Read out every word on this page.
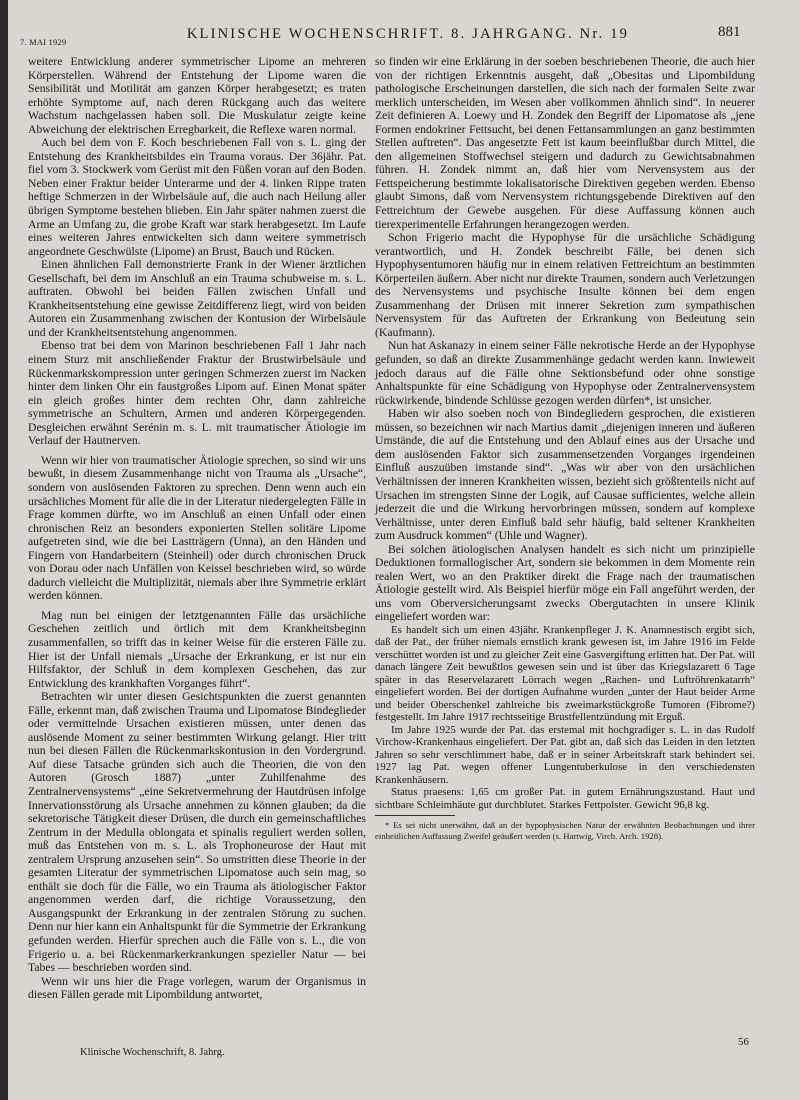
7. MAI 1929	KLINISCHE WOCHENSCHRIFT. 8. JAHRGANG. Nr. 19	881

weitere Entwicklung anderer symmetrischer Lipome an mehreren Körperstellen. Während der Entstehung der Lipome waren die Sensibilität und Motilität am ganzen Körper herabgesetzt; es traten erhöhte Symptome auf, nach deren Rückgang auch das weitere Wachstum nachgelassen haben soll. Die Muskulatur zeigte keine Abweichung der elektrischen Erregbarkeit, die Reflexe waren normal.

Auch bei dem von F. Koch beschriebenen Fall von s. L. ging der Entstehung des Krankheitsbildes ein Trauma voraus. Der 36jähr. Pat. fiel vom 3. Stockwerk vom Gerüst mit den Füßen voran auf den Boden. Neben einer Fraktur beider Unterarme und der 4. linken Rippe traten heftige Schmerzen in der Wirbelsäule auf, die auch nach Heilung aller übrigen Symptome bestehen blieben. Ein Jahr später nahmen zuerst die Arme an Umfang zu, die grobe Kraft war stark herabgesetzt. Im Laufe eines weiteren Jahres entwickelten sich dann weitere symmetrisch angeordnete Geschwülste (Lipome) an Brust, Bauch und Rücken.

Einen ähnlichen Fall demonstrierte Frank in der Wiener ärztlichen Gesellschaft, bei dem im Anschluß an ein Trauma schubweise m. s. L. auftraten. Obwohl bei beiden Fällen zwischen Unfall und Krankheitsentstehung eine gewisse Zeitdifferenz liegt, wird von beiden Autoren ein Zusammenhang zwischen der Kontusion der Wirbelsäule und der Krankheitsentstehung angenommen.

Ebenso trat bei dem von Marinon beschriebenen Fall 1 Jahr nach einem Sturz mit anschließender Fraktur der Brustwirbelsäule und Rückenmarkskompression unter geringen Schmerzen zuerst im Nacken hinter dem linken Ohr ein faustgroßes Lipom auf. Einen Monat später ein gleich großes hinter dem rechten Ohr, dann zahlreiche symmetrische an Schultern, Armen und anderen Körpergegenden. Desgleichen erwähnt Serénin m. s. L. mit traumatischer Ätiologie im Verlauf der Hautnerven.

Wenn wir hier von traumatischer Ätiologie sprechen, so sind wir uns bewußt, in diesem Zusammenhange nicht von Trauma als „Ursache“, sondern von auslösenden Faktoren zu sprechen. Denn wenn auch ein ursächliches Moment für alle die in der Literatur niedergelegten Fälle in Frage kommen dürfte, wo im Anschluß an einen Unfall oder einen chronischen Reiz an besonders exponierten Stellen solitäre Lipome aufgetreten sind, wie die bei Lastträgern (Unna), an den Händen und Fingern von Handarbeitern (Steinheil) oder durch chronischen Druck von Dorau oder nach Unfällen von Keissel beschrieben wird, so würde dadurch vielleicht die Multiplizität, niemals aber ihre Symmetrie erklärt werden können.

Mag nun bei einigen der letztgenannten Fälle das ursächliche Geschehen zeitlich und örtlich mit dem Krankheitsbeginn zusammenfallen, so trifft das in keiner Weise für die ersteren Fälle zu. Hier ist der Unfall niemals „Ursache der Erkrankung, er ist nur ein Hilfsfaktor, der Schluß in dem komplexen Geschehen, das zur Entwicklung des krankhaften Vorganges führt“.

Betrachten wir unter diesen Gesichtspunkten die zuerst genannten Fälle, erkennt man, daß zwischen Trauma und Lipomatose Bindeglieder oder vermittelnde Ursachen existieren müssen, unter denen das auslösende Moment zu seiner bestimmten Wirkung gelangt. Hier tritt nun bei diesen Fällen die Rückenmarkskontusion in den Vordergrund. Auf diese Tatsache gründen sich auch die Theorien, die von den Autoren (Grosch 1887) „unter Zuhilfenahme des Zentralnervensystems“ „eine Sekretvermehrung der Hautdrüsen infolge Innervationsstörung als Ursache annehmen zu können glauben; da die sekretorische Tätigkeit dieser Drüsen, die durch ein gemeinschaftliches Zentrum in der Medulla oblongata et spinalis reguliert werden sollen, muß das Entstehen von m. s. L. als Trophoneurose der Haut mit zentralem Ursprung anzusehen sein“. So umstritten diese Theorie in der gesamten Literatur der symmetrischen Lipomatose auch sein mag, so enthält sie doch für die Fälle, wo ein Trauma als ätiologischer Faktor angenommen werden darf, die richtige Voraussetzung, den Ausgangspunkt der Erkrankung in der zentralen Störung zu suchen. Denn nur hier kann ein Anhaltspunkt für die Symmetrie der Erkrankung gefunden werden. Hierfür sprechen auch die Fälle von s. L., die von Frigerio u. a. bei Rückenmarkerkrankungen spezieller Natur — bei Tabes — beschrieben worden sind.

Wenn wir uns hier die Frage vorlegen, warum der Organismus in diesen Fällen gerade mit Lipombildung antwortet,

so finden wir eine Erklärung in der soeben beschriebenen Theorie, die auch hier von der richtigen Erkenntnis ausgeht, daß „Obesitas und Lipombildung pathologische Erscheinungen darstellen, die sich nach der formalen Seite zwar merklich unterscheiden, im Wesen aber vollkommen ähnlich sind“. In neuerer Zeit definieren A. Loewy und H. Zondek den Begriff der Lipomatose als „jene Formen endokriner Fettsucht, bei denen Fettansammlungen an ganz bestimmten Stellen auftreten“. Das angesetzte Fett ist kaum beeinflußbar durch Mittel, die den allgemeinen Stoffwechsel steigern und dadurch zu Gewichtsabnahmen führen. H. Zondek nimmt an, daß hier vom Nervensystem aus der Fettspeicherung bestimmte lokalisatorische Direktiven gegeben werden. Ebenso glaubt Simons, daß vom Nervensystem richtungsgebende Direktiven auf den Fettreichtum der Gewebe ausgehen. Für diese Auffassung können auch tierexperimentelle Erfahrungen herangezogen werden.

Schon Frigerio macht die Hypophyse für die ursächliche Schädigung verantwortlich, und H. Zondek beschreibt Fälle, bei denen sich Hypophysentumoren häufig nur in einem relativen Fettreichtum an bestimmten Körperteilen äußern. Aber nicht nur direkte Traumen, sondern auch Verletzungen des Nervensystems und psychische Insulte können bei dem engen Zusammenhang der Drüsen mit innerer Sekretion zum sympathischen Nervensystem für das Auftreten der Erkrankung von Bedeutung sein (Kaufmann).

Nun hat Askanazy in einem seiner Fälle nekrotische Herde an der Hypophyse gefunden, so daß an direkte Zusammenhänge gedacht werden kann. Inwieweit jedoch daraus auf die Fälle ohne Sektionsbefund oder ohne sonstige Anhaltspunkte für eine Schädigung von Hypophyse oder Zentralnervensystem rückwirkende, bindende Schlüsse gezogen werden dürfen*, ist unsicher.

Haben wir also soeben noch von Bindegliedern gesprochen, die existieren müssen, so bezeichnen wir nach Martius damit „diejenigen inneren und äußeren Umstände, die auf die Entstehung und den Ablauf eines aus der Ursache und dem auslösenden Faktor sich zusammensetzenden Vorganges irgendeinen Einfluß auszuüben imstande sind“. „Was wir aber von den ursächlichen Verhältnissen der inneren Krankheiten wissen, bezieht sich größtenteils nicht auf Ursachen im strengsten Sinne der Logik, auf Causae sufficientes, welche allein jederzeit die und die Wirkung hervorbringen müssen, sondern auf komplexe Verhältnisse, unter deren Einfluß bald sehr häufig, bald seltener Krankheiten zum Ausdruck kommen“ (Uhle und Wagner).

Bei solchen ätiologischen Analysen handelt es sich nicht um prinzipielle Deduktionen formallogischer Art, sondern sie bekommen in dem Momente rein realen Wert, wo an den Praktiker direkt die Frage nach der traumatischen Ätiologie gestellt wird. Als Beispiel hierfür möge ein Fall angeführt werden, der uns vom Oberversicherungsamt zwecks Obergutachten in unsere Klinik eingeliefert worden war:

Es handelt sich um einen 43jähr. Krankenpfleger J. K. Anamnestisch ergibt sich, daß der Pat., der früher niemals ernstlich krank gewesen ist, im Jahre 1916 im Felde verschüttet worden ist und zu gleicher Zeit eine Gasvergiftung erlitten hat. Der Pat. will danach längere Zeit bewußtlos gewesen sein und ist über das Kriegslazarett 6 Tage später in das Reservelazarett Lörrach wegen „Rachen- und Luftröhrenkatarrh“ eingeliefert worden. Bei der dortigen Aufnahme wurden „unter der Haut beider Arme und beider Oberschenkel zahlreiche bis zweimarkstückgroße Tumoren (Fibrome?) festgestellt. Im Jahre 1917 rechtsseitige Brustfellentzündung mit Erguß.

Im Jahre 1925 wurde der Pat. das erstemal mit hochgradiger s. L. in das Rudolf Virchow-Krankenhaus eingeliefert. Der Pat. gibt an, daß sich das Leiden in den letzten Jahren so sehr verschlimmert habe, daß er in seiner Arbeitskraft stark behindert sei. 1927 lag Pat. wegen offener Lungentuberkulose in den verschiedensten Krankenhäusern.

Status praesens: 1,65 cm großer Pat. in gutem Ernährungszustand. Haut und sichtbare Schleimhäute gut durchblutet. Starkes Fettpolster. Gewicht 96,8 kg.

* Es sei nicht unerwähnt, daß an der hypophysischen Natur der erwähnten Beobachtungen und ihrer einheitlichen Auffassung Zweifel geäußert werden (s. Hartwig, Virch. Arch. 1928).

Klinische Wochenschrift, 8. Jahrg.
56
